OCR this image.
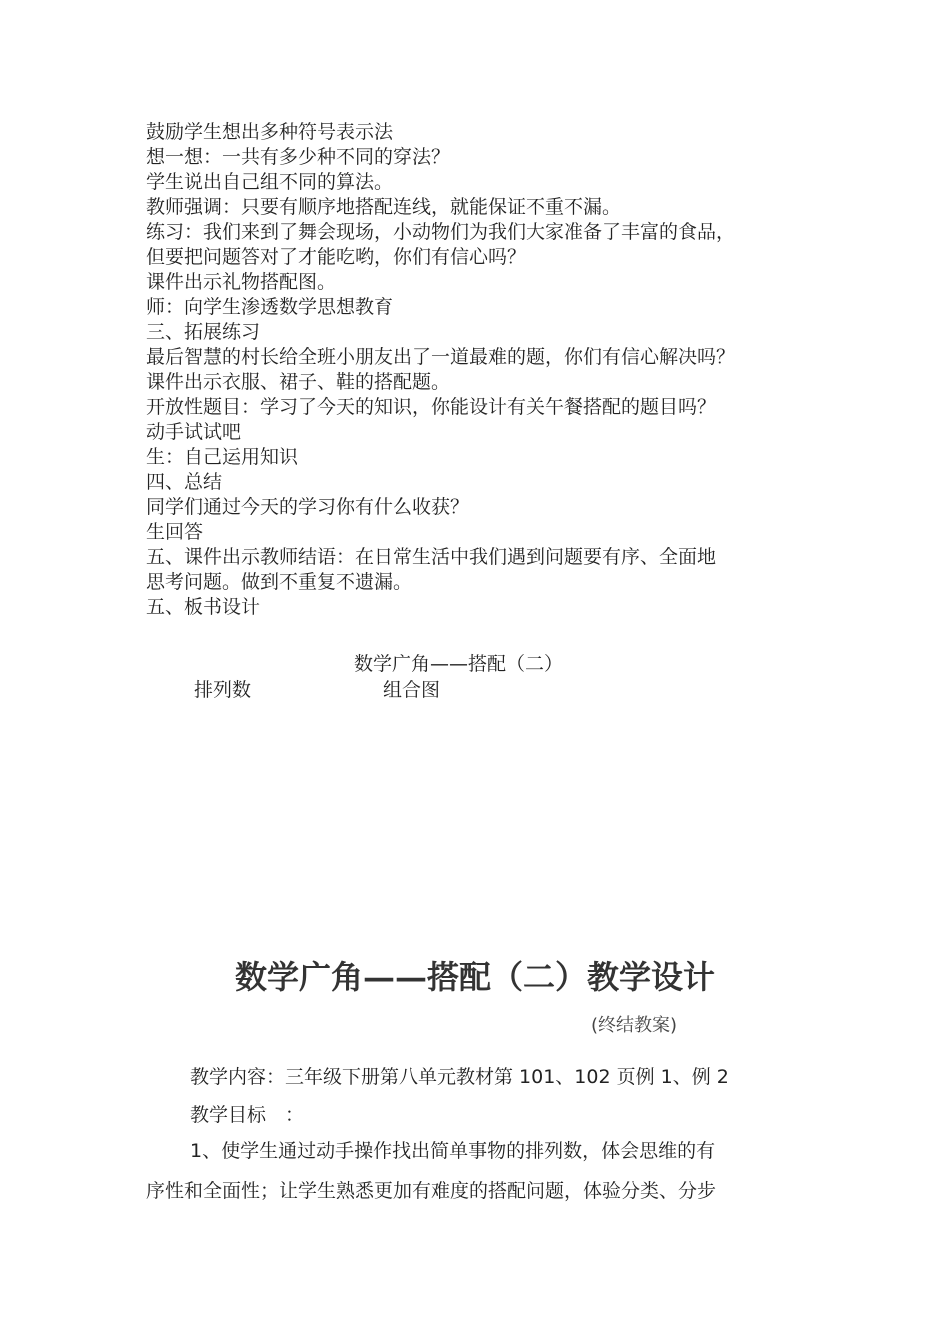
鼓励学生想出多种符号表示法
想一想：一共有多少种不同的穿法？
学生说出自己组不同的算法。
教师强调：只要有顺序地搭配连线，就能保证不重不漏。
练习：我们来到了舞会现场，小动物们为我们大家准备了丰富的食品，
但要把问题答对了才能吃哟，你们有信心吗？
课件出示礼物搭配图。
师：向学生渗透数学思想教育
三、拓展练习
最后智慧的村长给全班小朋友出了一道最难的题，你们有信心解决吗？
课件出示衣服、裙子、鞋的搭配题。
开放性题目：学习了今天的知识，你能设计有关午餐搭配的题目吗？
动手试试吧
生：自己运用知识
四、总结
同学们通过今天的学习你有什么收获？
生回答
五、课件出示教师结语：在日常生活中我们遇到问题要有序、全面地
思考问题。做到不重复不遗漏。
五、板书设计
数学广角——搭配（二）
排列数	组合图
数学广角——搭配（二）教学设计
(终结教案)
教学内容：三年级下册第八单元教材第 101、102 页例 1、例 2
教学目标　：
1、使学生通过动手操作找出简单事物的排列数，体会思维的有
序性和全面性；让学生熟悉更加有难度的搭配问题，体验分类、分步
